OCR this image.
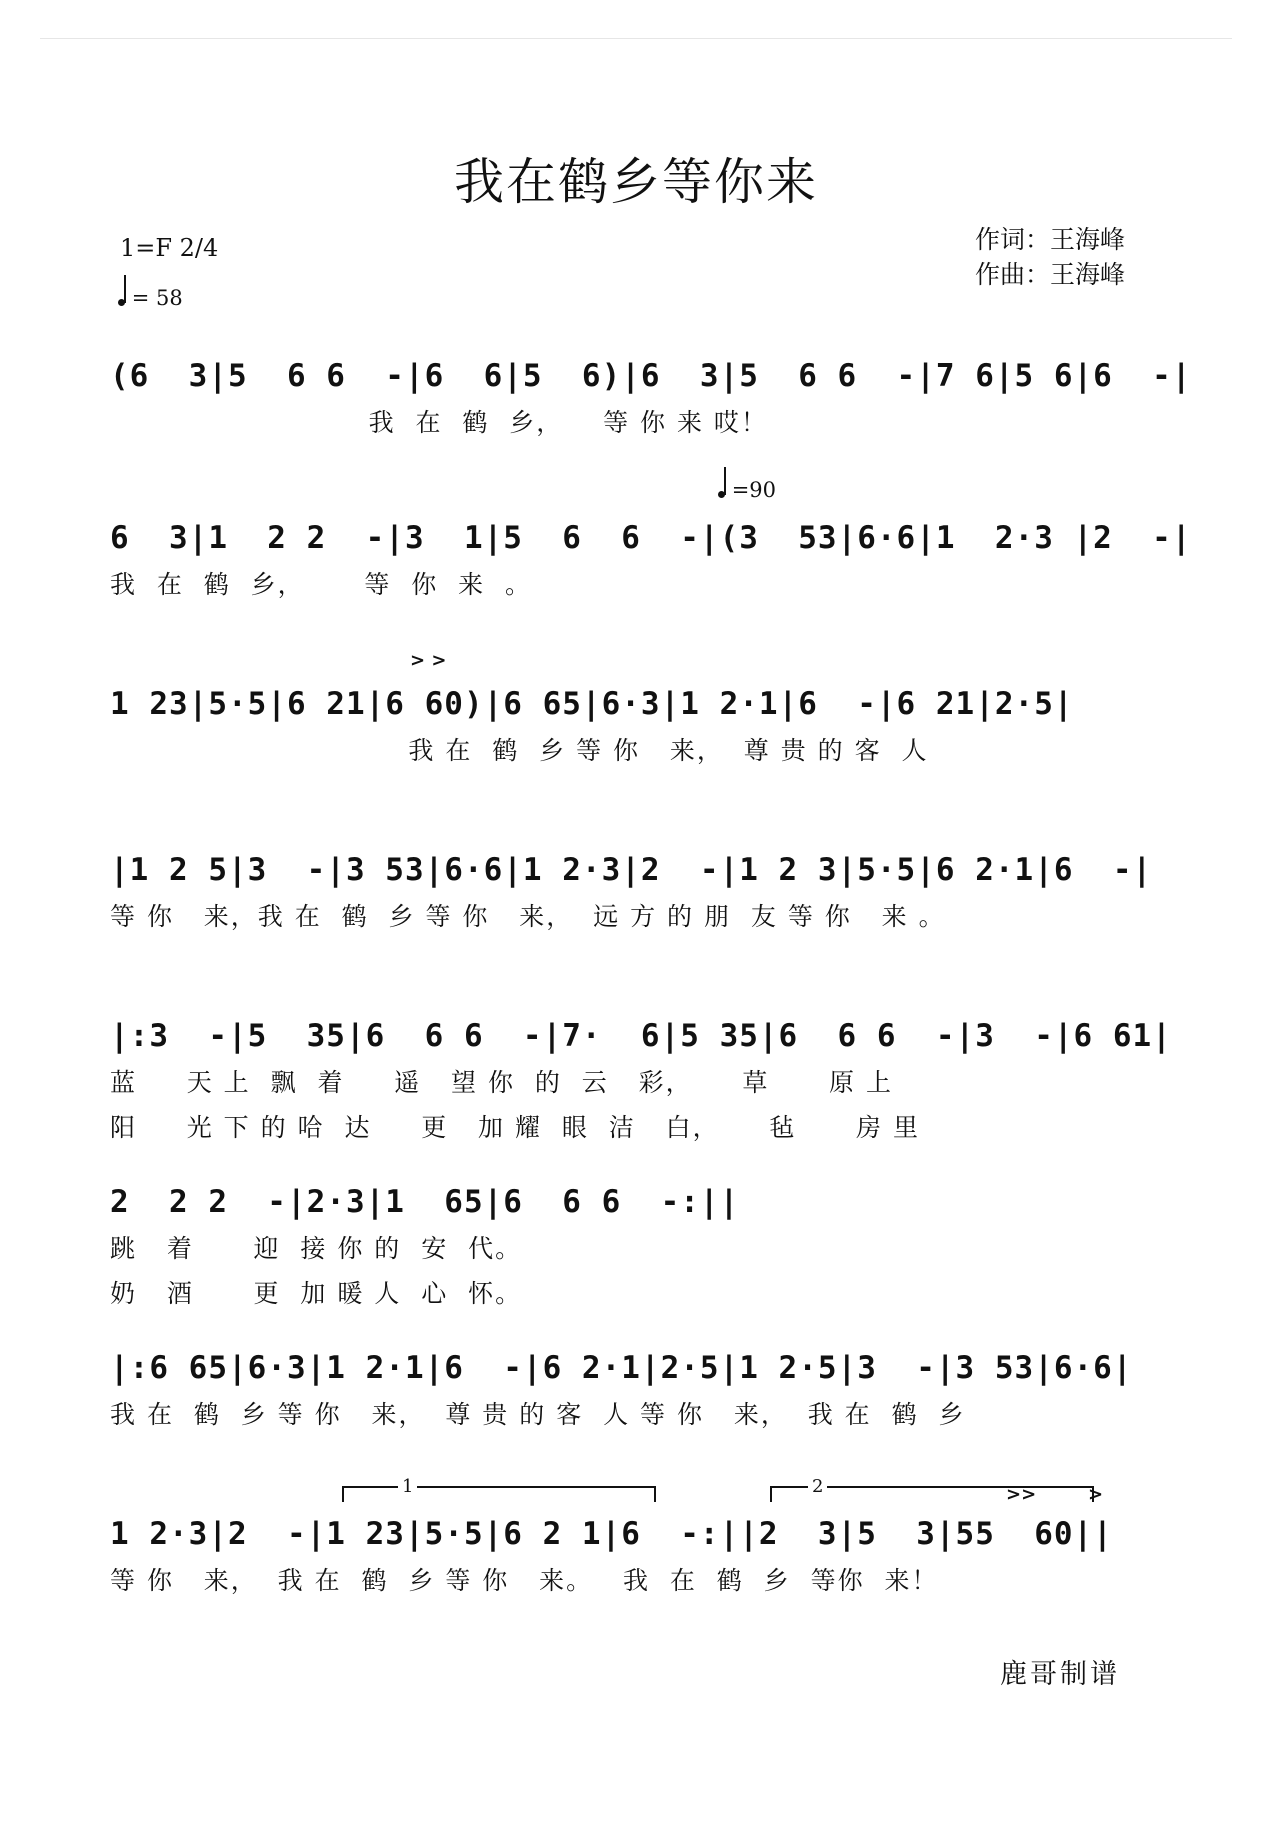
我在鹤乡等你来
1=F 2/4
= 58
作词：王海峰
作曲：王海峰
(6  3|5  6 6  -|6  6|5  6)|6  3|5  6 6  -|7 6|5 6|6  -|
我  在  鹤  乡，    等 你 来 哎！
=90
6  3|1  2 2  -|3  1|5  6  6  -|(3  53|6·6|1  2·3 |2  -|
我  在  鹤  乡，      等  你  来  。
> >
1 23|5·5|6 21|6 60)|6 65|6·3|1 2·1|6  -|6 21|2·5|
我 在  鹤  乡 等 你   来，  尊 贵 的 客  人
|1 2 5|3  -|3 53|6·6|1 2·3|2  -|1 2 3|5·5|6 2·1|6  -|
等 你   来，我 在  鹤  乡 等 你   来，  远 方 的 朋  友 等 你   来 。
|:3  -|5  35|6  6 6  -|7·  6|5 35|6  6 6  -|3  -|6 61|
蓝     天 上  飘  着     遥   望 你  的  云   彩，     草      原 上
阳     光 下 的 哈  达     更   加 耀  眼  洁   白，     毡      房 里
2  2 2  -|2·3|1  65|6  6 6  -:||
跳   着      迎  接 你 的  安  代。
奶   酒      更  加 暖 人  心  怀。
|:6 65|6·3|1 2·1|6  -|6 2·1|2·5|1 2·5|3  -|3 53|6·6|
我 在  鹤  乡 等 你   来，  尊 贵 的 客  人 等 你   来，  我 在  鹤  乡
1	2	>>	>
1 2·3|2  -|1 23|5·5|6 2 1|6  -:||2  3|5  3|55  60||
等 你   来，  我 在  鹤  乡 等 你   来。   我  在  鹤  乡  等你  来！
鹿哥制谱
